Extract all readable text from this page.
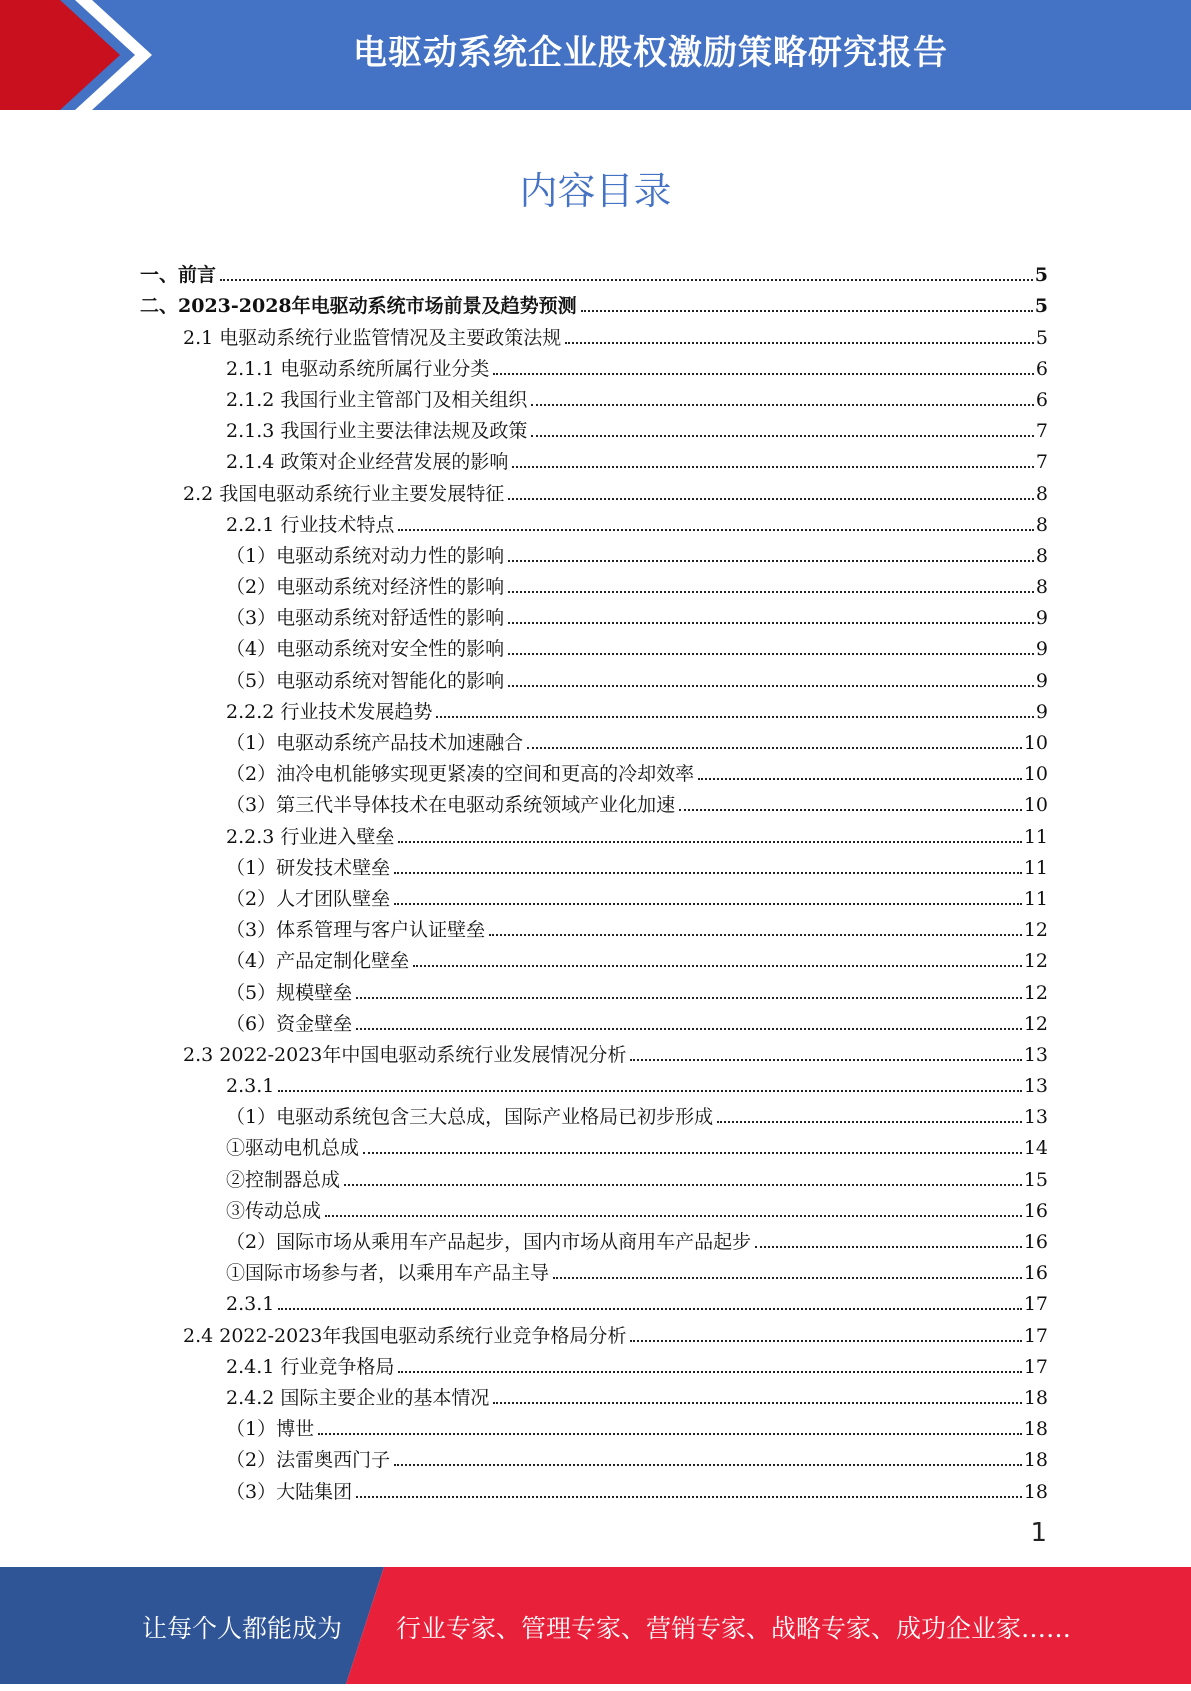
电驱动系统企业股权激励策略研究报告
内容目录
一、前言	5
二、2023-2028年电驱动系统市场前景及趋势预测	5
2.1 电驱动系统行业监管情况及主要政策法规	5
2.1.1 电驱动系统所属行业分类	6
2.1.2 我国行业主管部门及相关组织	6
2.1.3 我国行业主要法律法规及政策	7
2.1.4 政策对企业经营发展的影响	7
2.2 我国电驱动系统行业主要发展特征	8
2.2.1 行业技术特点	8
（1）电驱动系统对动力性的影响	8
（2）电驱动系统对经济性的影响	8
（3）电驱动系统对舒适性的影响	9
（4）电驱动系统对安全性的影响	9
（5）电驱动系统对智能化的影响	9
2.2.2 行业技术发展趋势	9
（1）电驱动系统产品技术加速融合	10
（2）油冷电机能够实现更紧凑的空间和更高的冷却效率	10
（3）第三代半导体技术在电驱动系统领域产业化加速	10
2.2.3 行业进入壁垒	11
（1）研发技术壁垒	11
（2）人才团队壁垒	11
（3）体系管理与客户认证壁垒	12
（4）产品定制化壁垒	12
（5）规模壁垒	12
（6）资金壁垒	12
2.3 2022-2023年中国电驱动系统行业发展情况分析	13
2.3.1	13
（1）电驱动系统包含三大总成，国际产业格局已初步形成	13
①驱动电机总成	14
②控制器总成	15
③传动总成	16
（2）国际市场从乘用车产品起步，国内市场从商用车产品起步	16
①国际市场参与者，以乘用车产品主导	16
2.3.1	17
2.4 2022-2023年我国电驱动系统行业竞争格局分析	17
2.4.1 行业竞争格局	17
2.4.2 国际主要企业的基本情况	18
（1）博世	18
（2）法雷奥西门子	18
（3）大陆集团	18
1
让每个人都能成为 行业专家、管理专家、营销专家、战略专家、成功企业家……
